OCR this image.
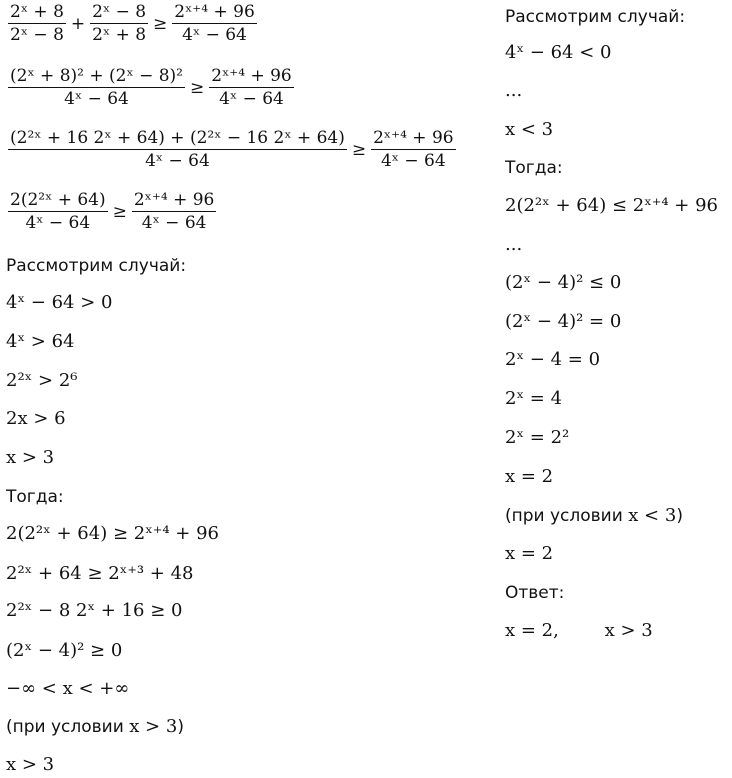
$\frac{\text{2ˣ + 8}}{\text{2ˣ − 8}} + \frac{\text{2ˣ − 8}}{\text{2ˣ + 8}} \ge \frac{\text{2ˣ⁺⁴ + 96}}{\text{4ˣ − 64}}$
$\frac{\text{(2ˣ + 8)² + (2ˣ − 8)²}}{\text{4ˣ − 64}} \ge \frac{\text{2ˣ⁺⁴ + 96}}{\text{4ˣ − 64}}$
$\frac{\text{(2²ˣ + 16 2ˣ + 64) + (2²ˣ − 16 2ˣ + 64)}}{\text{4ˣ − 64}} \ge \frac{\text{2ˣ⁺⁴ + 96}}{\text{4ˣ − 64}}$
$\frac{\text{2(2²ˣ + 64)}}{\text{4ˣ − 64}} \ge \frac{\text{2ˣ⁺⁴ + 96}}{\text{4ˣ − 64}}$
Рассмотрим случай:
4ˣ − 64 > 0
4ˣ > 64
2²ˣ > 2⁶
2x > 6
x > 3
Тогда:
2(2²ˣ + 64) ≥ 2ˣ⁺⁴ + 96
2²ˣ + 64 ≥ 2ˣ⁺³ + 48
2²ˣ − 8 2ˣ + 16 ≥ 0
(2ˣ − 4)² ≥ 0
−∞ < x < +∞
(при условии x > 3)
x > 3
Рассмотрим случай:
4ˣ − 64 < 0
...
x < 3
Тогда:
2(2²ˣ + 64) ≤ 2ˣ⁺⁴ + 96
...
(2ˣ − 4)² ≤ 0
(2ˣ − 4)² = 0
2ˣ − 4 = 0
2ˣ = 4
2ˣ = 2²
x = 2
(при условии x < 3)
x = 2
Ответ:
x = 2,        x > 3
